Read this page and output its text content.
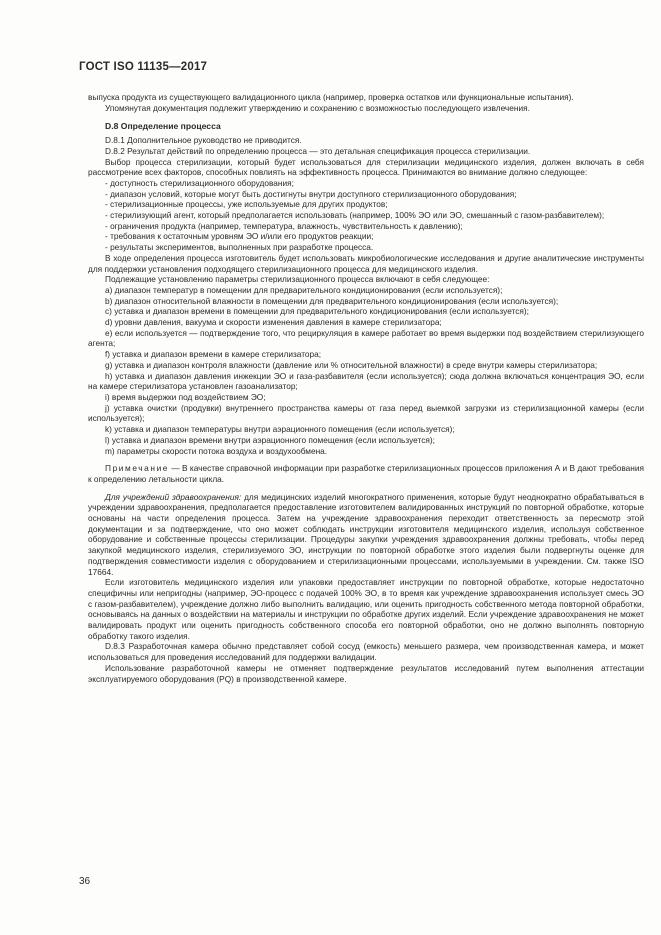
ГОСТ ISO 11135—2017

выпуска продукта из существующего валидационного цикла (например, проверка остатков или функциональные испытания).

Упомянутая документация подлежит утверждению и сохранению с возможностью последующего извлечения.

D.8 Определение процесса

D.8.1 Дополнительное руководство не приводится.

D.8.2 Результат действий по определению процесса — это детальная спецификация процесса стерилизации.

Выбор процесса стерилизации, который будет использоваться для стерилизации медицинского изделия, должен включать в себя рассмотрение всех факторов, способных повлиять на эффективность процесса. Принимаются во внимание должно следующее:

- доступность стерилизационного оборудования;

- диапазон условий, которые могут быть достигнуты внутри доступного стерилизационного оборудования;

- стерилизационные процессы, уже используемые для других продуктов;

- стерилизующий агент, который предполагается использовать (например, 100% ЭО или ЭО, смешанный с газом-разбавителем);

- ограничения продукта (например, температура, влажность, чувствительность к давлению);

- требования к остаточным уровням ЭО и/или его продуктов реакции;

- результаты экспериментов, выполненных при разработке процесса.

В ходе определения процесса изготовитель будет использовать микробиологические исследования и другие аналитические инструменты для поддержки установления подходящего стерилизационного процесса для медицинского изделия.

Подлежащие установлению параметры стерилизационного процесса включают в себя следующее:

a) диапазон температур в помещении для предварительного кондиционирования (если используется);

b) диапазон относительной влажности в помещении для предварительного кондиционирования (если используется);

c) уставка и диапазон времени в помещении для предварительного кондиционирования (если используется);

d) уровни давления, вакуума и скорости изменения давления в камере стерилизатора;

e) если используется — подтверждение того, что рециркуляция в камере работает во время выдержки под воздействием стерилизующего агента;

f) уставка и диапазон времени в камере стерилизатора;

g) уставка и диапазон контроля влажности (давление или % относительной влажности) в среде внутри камеры стерилизатора;

h) уставка и диапазон давления инжекции ЭО и газа-разбавителя (если используется); сюда должна включаться концентрация ЭО, если на камере стерилизатора установлен газоанализатор;

i) время выдержки под воздействием ЭО;

j) уставка очистки (продувки) внутреннего пространства камеры от газа перед выемкой загрузки из стерилизационной камеры (если используется);

k) уставка и диапазон температуры внутри аэрационного помещения (если используется);

l) уставка и диапазон времени внутри аэрационного помещения (если используется);

m) параметры скорости потока воздуха и воздухообмена.

Примечание — В качестве справочной информации при разработке стерилизационных процессов приложения А и В дают требования к определению летальности цикла.

Для учреждений здравоохранения: для медицинских изделий многократного применения, которые будут неоднократно обрабатываться в учреждении здравоохранения, предполагается предоставление изготовителем валидированных инструкций по повторной обработке, которые основаны на части определения процесса. Затем на учреждение здравоохранения переходит ответственность за пересмотр этой документации и за подтверждение, что оно может соблюдать инструкции изготовителя медицинского изделия, используя собственное оборудование и собственные процессы стерилизации. Процедуры закупки учреждения здравоохранения должны требовать, чтобы перед закупкой медицинского изделия, стерилизуемого ЭО, инструкции по повторной обработке этого изделия были подвергнуты оценке для подтверждения совместимости изделия с оборудованием и стерилизационными процессами, используемыми в учреждении. См. также ISO 17664.

Если изготовитель медицинского изделия или упаковки предоставляет инструкции по повторной обработке, которые недостаточно специфичны или непригодны (например, ЭО-процесс с подачей 100% ЭО, в то время как учреждение здравоохранения использует смесь ЭО с газом-разбавителем), учреждение должно либо выполнить валидацию, или оценить пригодность собственного метода повторной обработки, основываясь на данных о воздействии на материалы и инструкции по обработке других изделий. Если учреждение здравоохранения не может валидировать продукт или оценить пригодность собственного способа его повторной обработки, оно не должно выполнять повторную обработку такого изделия.

D.8.3 Разработочная камера обычно представляет собой сосуд (емкость) меньшего размера, чем производственная камера, и может использоваться для проведения исследований для поддержки валидации.

Использование разработочной камеры не отменяет подтверждение результатов исследований путем выполнения аттестации эксплуатируемого оборудования (PQ) в производственной камере.

36
